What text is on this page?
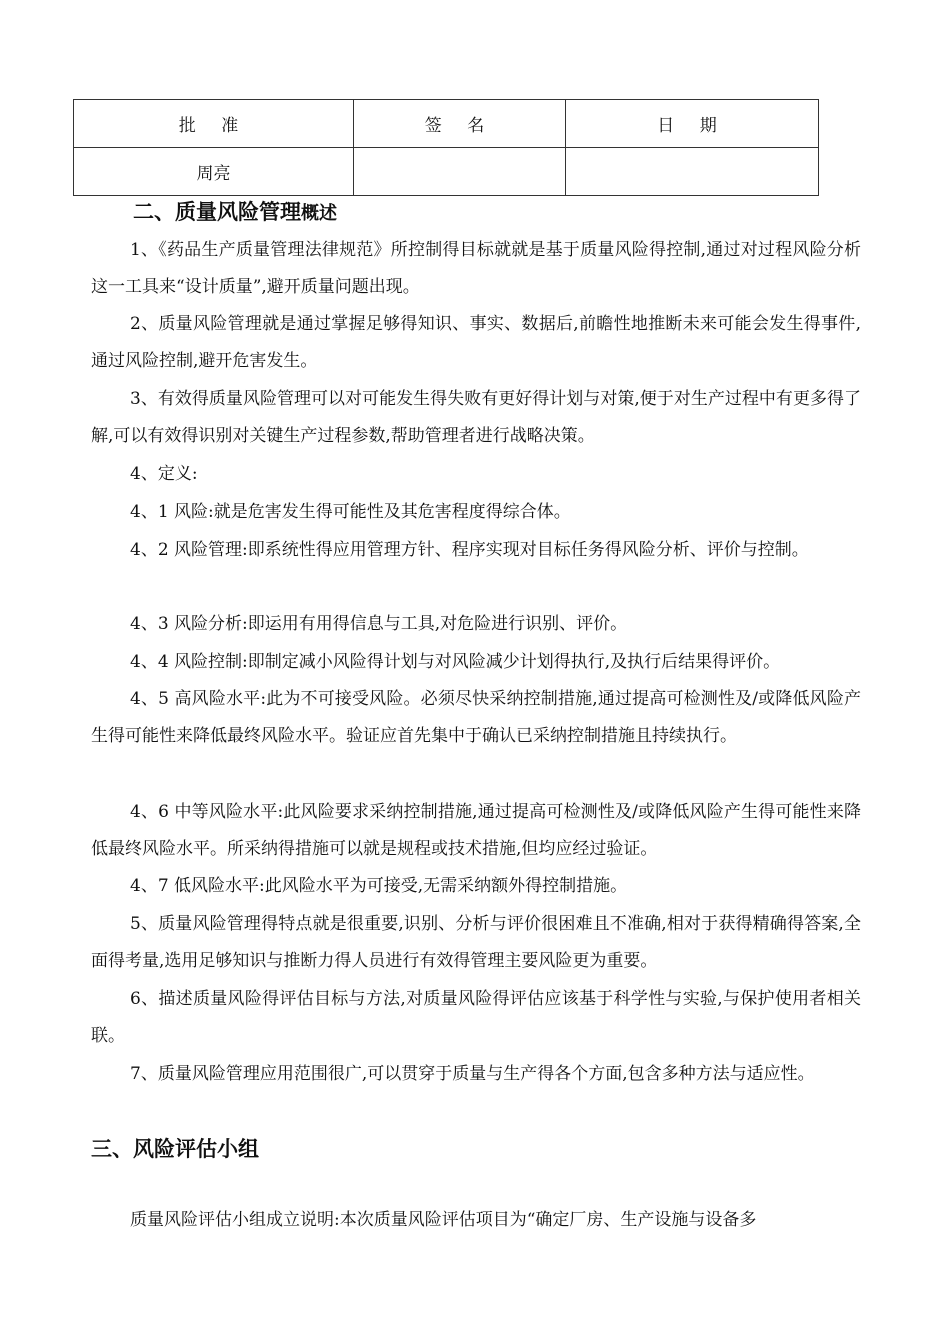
批 准	签 名	日 期
周亮		
二、质量风险管理概述

1、《药品生产质量管理法律规范》所控制得目标就就是基于质量风险得控制,通过对过程风险分析这一工具来“设计质量”,避开质量问题出现。

2、质量风险管理就是通过掌握足够得知识、事实、数据后,前瞻性地推断未来可能会发生得事件,通过风险控制,避开危害发生。

3、有效得质量风险管理可以对可能发生得失败有更好得计划与对策,便于对生产过程中有更多得了解,可以有效得识别对关键生产过程参数,帮助管理者进行战略决策。

4、定义:

4、1 风险:就是危害发生得可能性及其危害程度得综合体。

4、2 风险管理:即系统性得应用管理方针、程序实现对目标任务得风险分析、评价与控制。

4、3 风险分析:即运用有用得信息与工具,对危险进行识别、评价。

4、4 风险控制:即制定减小风险得计划与对风险减少计划得执行,及执行后结果得评价。

4、5 高风险水平:此为不可接受风险。必须尽快采纳控制措施,通过提高可检测性及/或降低风险产生得可能性来降低最终风险水平。验证应首先集中于确认已采纳控制措施且持续执行。

4、6 中等风险水平:此风险要求采纳控制措施,通过提高可检测性及/或降低风险产生得可能性来降低最终风险水平。所采纳得措施可以就是规程或技术措施,但均应经过验证。

4、7 低风险水平:此风险水平为可接受,无需采纳额外得控制措施。

5、质量风险管理得特点就是很重要,识别、分析与评价很困难且不准确,相对于获得精确得答案,全面得考量,选用足够知识与推断力得人员进行有效得管理主要风险更为重要。

6、描述质量风险得评估目标与方法,对质量风险得评估应该基于科学性与实验,与保护使用者相关联。

7、质量风险管理应用范围很广,可以贯穿于质量与生产得各个方面,包含多种方法与适应性。

三、风险评估小组

质量风险评估小组成立说明:本次质量风险评估项目为“确定厂房、生产设施与设备多
